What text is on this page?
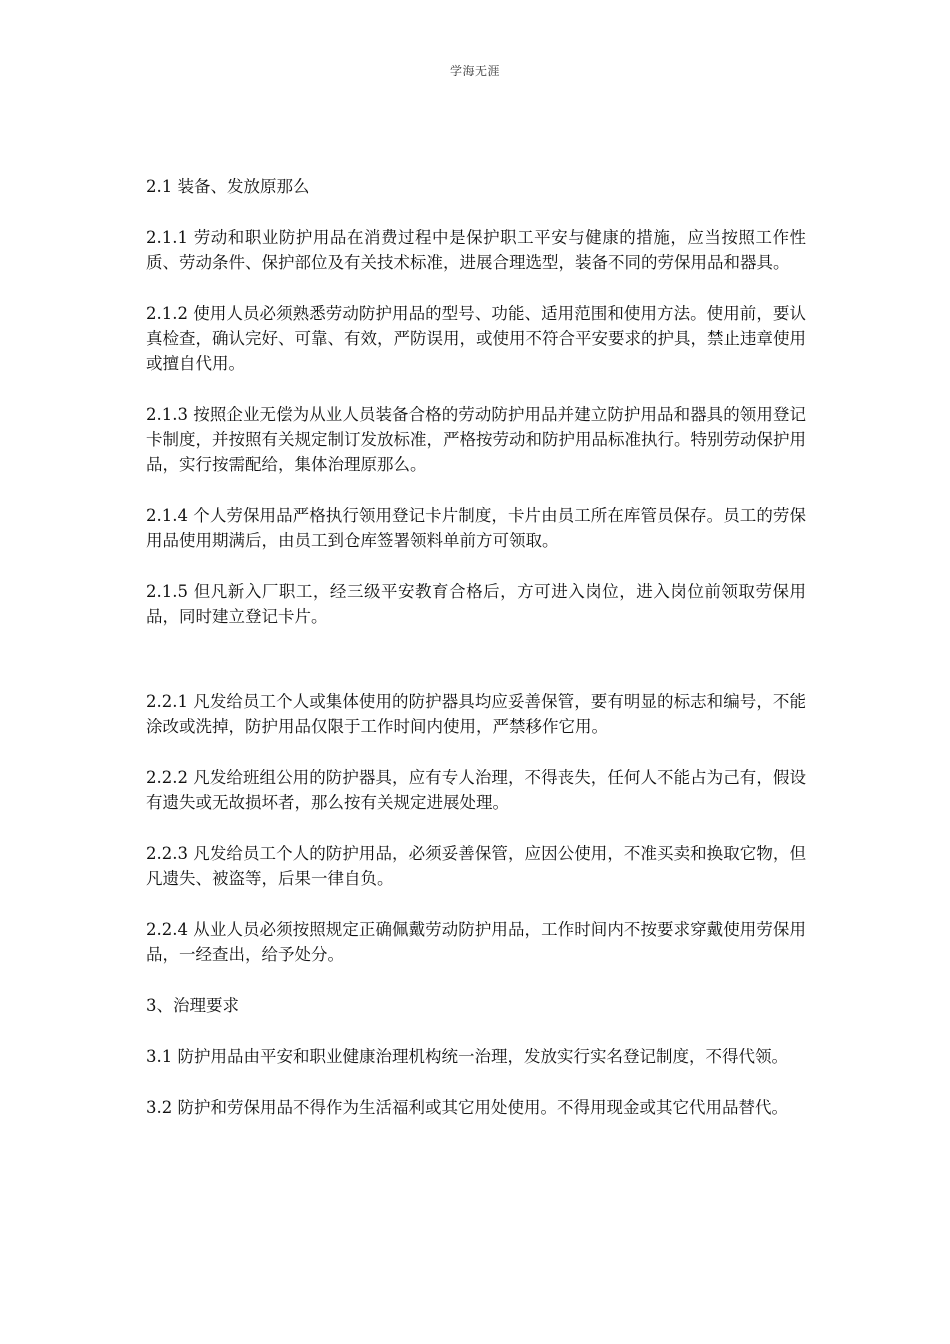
学海无涯

2.1 装备、发放原那么

2.1.1 劳动和职业防护用品在消费过程中是保护职工平安与健康的措施，应当按照工作性质、劳动条件、保护部位及有关技术标准，进展合理选型，装备不同的劳保用品和器具。

2.1.2 使用人员必须熟悉劳动防护用品的型号、功能、适用范围和使用方法。使用前，要认真检查，确认完好、可靠、有效，严防误用，或使用不符合平安要求的护具，禁止违章使用或擅自代用。

2.1.3 按照企业无偿为从业人员装备合格的劳动防护用品并建立防护用品和器具的领用登记卡制度，并按照有关规定制订发放标准，严格按劳动和防护用品标准执行。特别劳动保护用品，实行按需配给，集体治理原那么。

2.1.4 个人劳保用品严格执行领用登记卡片制度，卡片由员工所在库管员保存。员工的劳保用品使用期满后，由员工到仓库签署领料单前方可领取。

2.1.5 但凡新入厂职工，经三级平安教育合格后，方可进入岗位，进入岗位前领取劳保用品，同时建立登记卡片。

2.2.1 凡发给员工个人或集体使用的防护器具均应妥善保管，要有明显的标志和编号，不能涂改或洗掉，防护用品仅限于工作时间内使用，严禁移作它用。

2.2.2 凡发给班组公用的防护器具，应有专人治理，不得丧失，任何人不能占为己有，假设有遗失或无故损坏者，那么按有关规定进展处理。

2.2.3 凡发给员工个人的防护用品，必须妥善保管，应因公使用，不准买卖和换取它物，但凡遗失、被盗等，后果一律自负。

2.2.4 从业人员必须按照规定正确佩戴劳动防护用品，工作时间内不按要求穿戴使用劳保用品，一经查出，给予处分。

3、治理要求

3.1 防护用品由平安和职业健康治理机构统一治理，发放实行实名登记制度，不得代领。

3.2 防护和劳保用品不得作为生活福利或其它用处使用。不得用现金或其它代用品替代。
